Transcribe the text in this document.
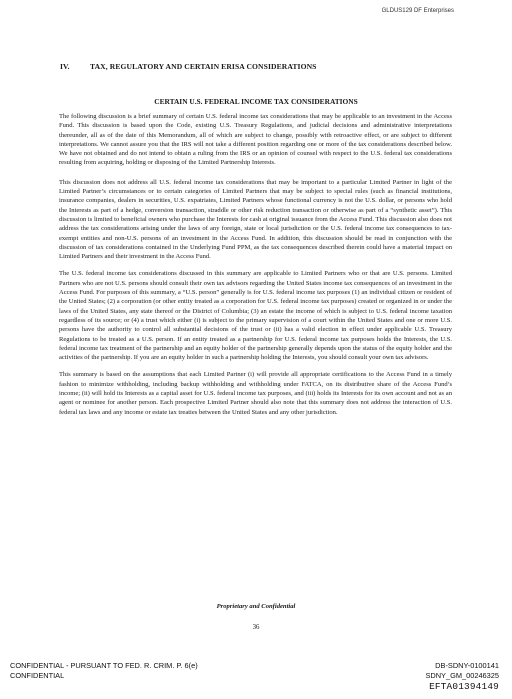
GLDUS129 DF Enterprises
IV.	TAX, REGULATORY AND CERTAIN ERISA CONSIDERATIONS
CERTAIN U.S. FEDERAL INCOME TAX CONSIDERATIONS

The following discussion is a brief summary of certain U.S. federal income tax considerations that may be applicable to an investment in the Access Fund. This discussion is based upon the Code, existing U.S. Treasury Regulations, and judicial decisions and administrative interpretations thereunder, all as of the date of this Memorandum, all of which are subject to change, possibly with retroactive effect, or are subject to different interpretations. We cannot assure you that the IRS will not take a different position regarding one or more of the tax considerations described below. We have not obtained and do not intend to obtain a ruling from the IRS or an opinion of counsel with respect to the U.S. federal tax considerations resulting from acquiring, holding or disposing of the Limited Partnership Interests.

This discussion does not address all U.S. federal income tax considerations that may be important to a particular Limited Partner in light of the Limited Partner’s circumstances or to certain categories of Limited Partners that may be subject to special rules (such as financial institutions, insurance companies, dealers in securities, U.S. expatriates, Limited Partners whose functional currency is not the U.S. dollar, or persons who hold the Interests as part of a hedge, conversion transaction, straddle or other risk reduction transaction or otherwise as part of a “synthetic asset”). This discussion is limited to beneficial owners who purchase the Interests for cash at original issuance from the Access Fund. This discussion also does not address the tax considerations arising under the laws of any foreign, state or local jurisdiction or the U.S. federal income tax consequences to tax-exempt entities and non-U.S. persons of an investment in the Access Fund. In addition, this discussion should be read in conjunction with the discussion of tax considerations contained in the Underlying Fund PPM, as the tax consequences described therein could have a material impact on Limited Partners and their investment in the Access Fund.

The U.S. federal income tax considerations discussed in this summary are applicable to Limited Partners who or that are U.S. persons. Limited Partners who are not U.S. persons should consult their own tax advisors regarding the United States income tax consequences of an investment in the Access Fund. For purposes of this summary, a “U.S. person” generally is for U.S. federal income tax purposes (1) an individual citizen or resident of the United States; (2) a corporation (or other entity treated as a corporation for U.S. federal income tax purposes) created or organized in or under the laws of the United States, any state thereof or the District of Columbia; (3) an estate the income of which is subject to U.S. federal income taxation regardless of its source; or (4) a trust which either (i) is subject to the primary supervision of a court within the United States and one or more U.S. persons have the authority to control all substantial decisions of the trust or (ii) has a valid election in effect under applicable U.S. Treasury Regulations to be treated as a U.S. person. If an entity treated as a partnership for U.S. federal income tax purposes holds the Interests, the U.S. federal income tax treatment of the partnership and an equity holder of the partnership generally depends upon the status of the equity holder and the activities of the partnership. If you are an equity holder in such a partnership holding the Interests, you should consult your own tax advisors.

This summary is based on the assumptions that each Limited Partner (i) will provide all appropriate certifications to the Access Fund in a timely fashion to minimize withholding, including backup withholding and withholding under FATCA, on its distributive share of the Access Fund’s income; (ii) will hold its Interests as a capital asset for U.S. federal income tax purposes, and (iii) holds its Interests for its own account and not as an agent or nominee for another person. Each prospective Limited Partner should also note that this summary does not address the interaction of U.S. federal tax laws and any income or estate tax treaties between the United States and any other jurisdiction.

Proprietary and Confidential
36
CONFIDENTIAL - PURSUANT TO FED. R. CRIM. P. 6(e)
CONFIDENTIAL
DB-SDNY-0100141
SDNY_GM_00246325
EFTA01394149
